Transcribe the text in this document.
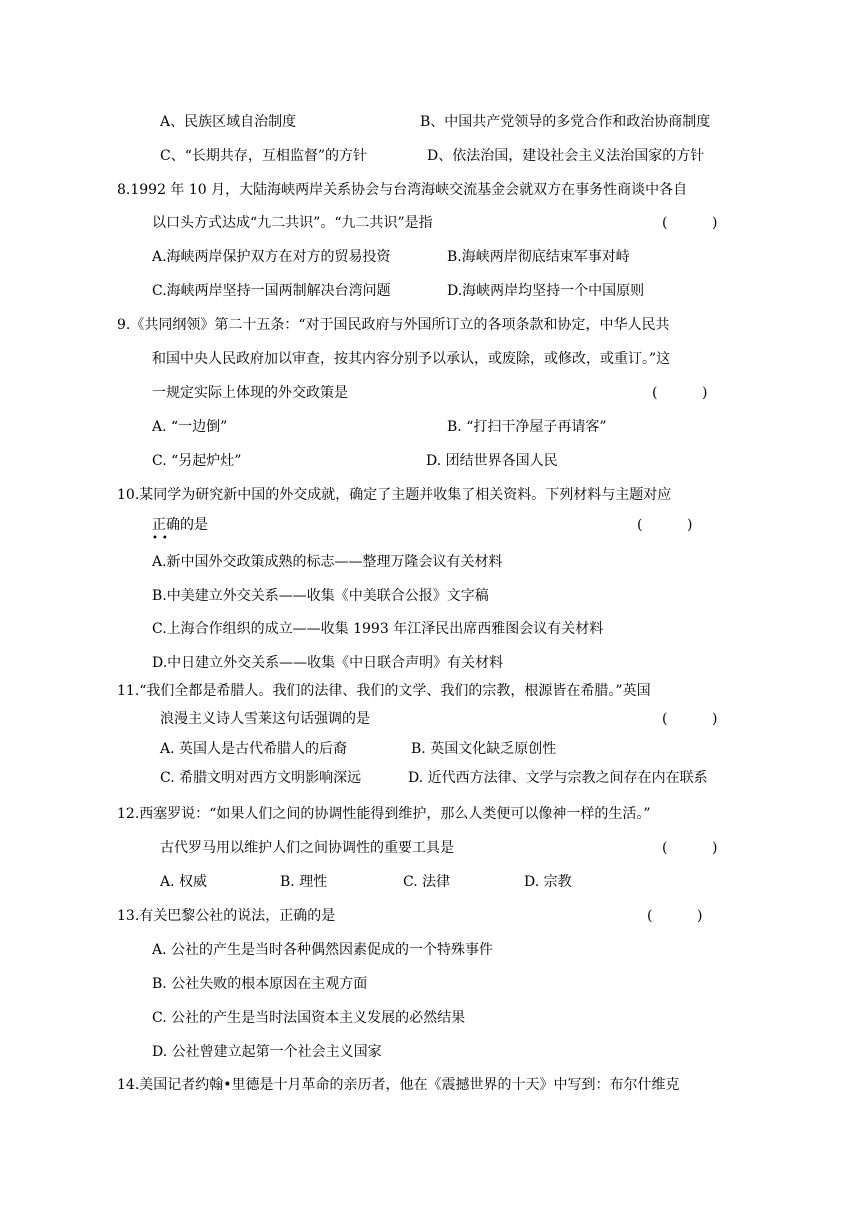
A、民族区域自治制度	B、中国共产党领导的多党合作和政治协商制度
C、“长期共存，互相监督”的方针	D、依法治国，建设社会主义法治国家的方针
8.1992 年 10 月，大陆海峡两岸关系协会与台湾海峡交流基金会就双方在事务性商谈中各自
以口头方式达成“九二共识”。“九二共识”是指	(          )
A.海峡两岸保护双方在对方的贸易投资	B.海峡两岸彻底结束军事对峙
C.海峡两岸坚持一国两制解决台湾问题	D.海峡两岸均坚持一个中国原则
9.《共同纲领》第二十五条：“对于国民政府与外国所订立的各项条款和协定，中华人民共
和国中央人民政府加以审查，按其内容分别予以承认，或废除，或修改，或重订。”这
一规定实际上体现的外交政策是	(          )
A. “一边倒”	B. “打扫干净屋子再请客”
C. “另起炉灶”	D. 团结世界各国人民
10.某同学为研究新中国的外交成就，确定了主题并收集了相关资料。下列材料与主题对应
正确的是
••
(          )
A.新中国外交政策成熟的标志——整理万隆会议有关材料
B.中美建立外交关系——收集《中美联合公报》文字稿
C.上海合作组织的成立——收集 1993 年江泽民出席西雅图会议有关材料
D.中日建立外交关系——收集《中日联合声明》有关材料
11.“我们全都是希腊人。我们的法律、我们的文学、我们的宗教，根源皆在希腊。”英国
浪漫主义诗人雪莱这句话强调的是	(          )
A. 英国人是古代希腊人的后裔	B. 英国文化缺乏原创性
C. 希腊文明对西方文明影响深远	D. 近代西方法律、文学与宗教之间存在内在联系
12.西塞罗说：“如果人们之间的协调性能得到维护，那么人类便可以像神一样的生活。”
古代罗马用以维护人们之间协调性的重要工具是	(          )
A. 权威	B. 理性	C. 法律	D. 宗教
13.有关巴黎公社的说法，正确的是	(          )
A. 公社的产生是当时各种偶然因素促成的一个特殊事件
B. 公社失败的根本原因在主观方面
C. 公社的产生是当时法国资本主义发展的必然结果
D. 公社曾建立起第一个社会主义国家
14.美国记者约翰•里德是十月革命的亲历者，他在《震撼世界的十天》中写到：布尔什维克
